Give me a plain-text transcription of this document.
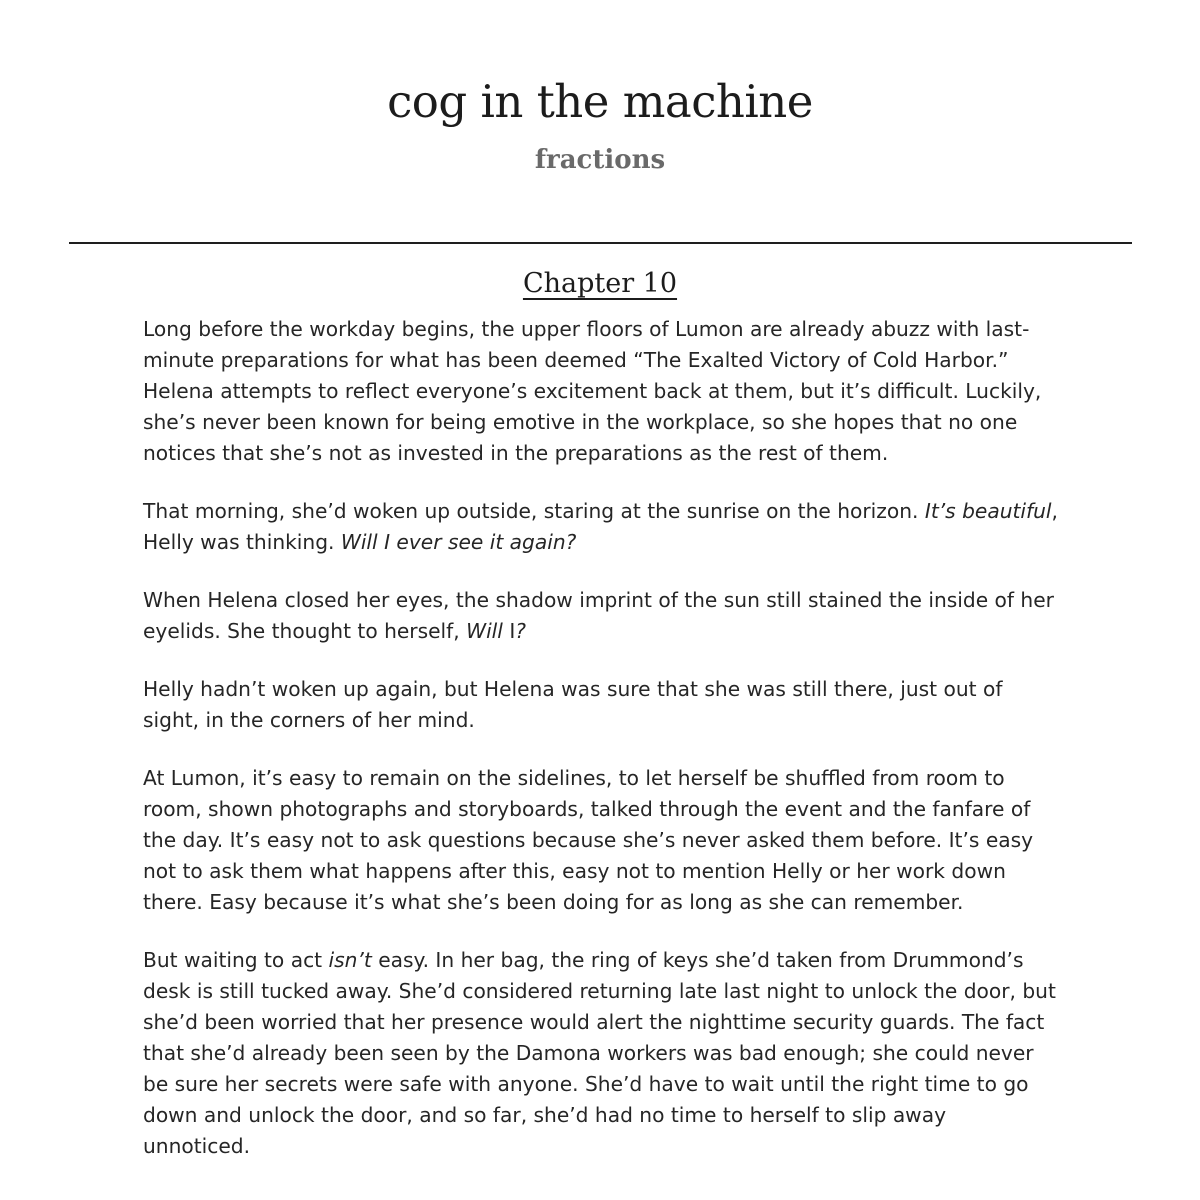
cog in the machine
fractions
Chapter 10

Long before the workday begins, the upper floors of Lumon are already abuzz with last-minute preparations for what has been deemed “The Exalted Victory of Cold Harbor.” Helena attempts to reflect everyone’s excitement back at them, but it’s difficult. Luckily, she’s never been known for being emotive in the workplace, so she hopes that no one notices that she’s not as invested in the preparations as the rest of them.

That morning, she’d woken up outside, staring at the sunrise on the horizon. It’s beautiful, Helly was thinking. Will I ever see it again?

When Helena closed her eyes, the shadow imprint of the sun still stained the inside of her eyelids. She thought to herself, Will I?

Helly hadn’t woken up again, but Helena was sure that she was still there, just out of sight, in the corners of her mind.

At Lumon, it’s easy to remain on the sidelines, to let herself be shuffled from room to room, shown photographs and storyboards, talked through the event and the fanfare of the day. It’s easy not to ask questions because she’s never asked them before. It’s easy not to ask them what happens after this, easy not to mention Helly or her work down there. Easy because it’s what she’s been doing for as long as she can remember.

But waiting to act isn’t easy. In her bag, the ring of keys she’d taken from Drummond’s desk is still tucked away. She’d considered returning late last night to unlock the door, but she’d been worried that her presence would alert the nighttime security guards. The fact that she’d already been seen by the Damona workers was bad enough; she could never be sure her secrets were safe with anyone. She’d have to wait until the right time to go down and unlock the door, and so far, she’d had no time to herself to slip away unnoticed.
